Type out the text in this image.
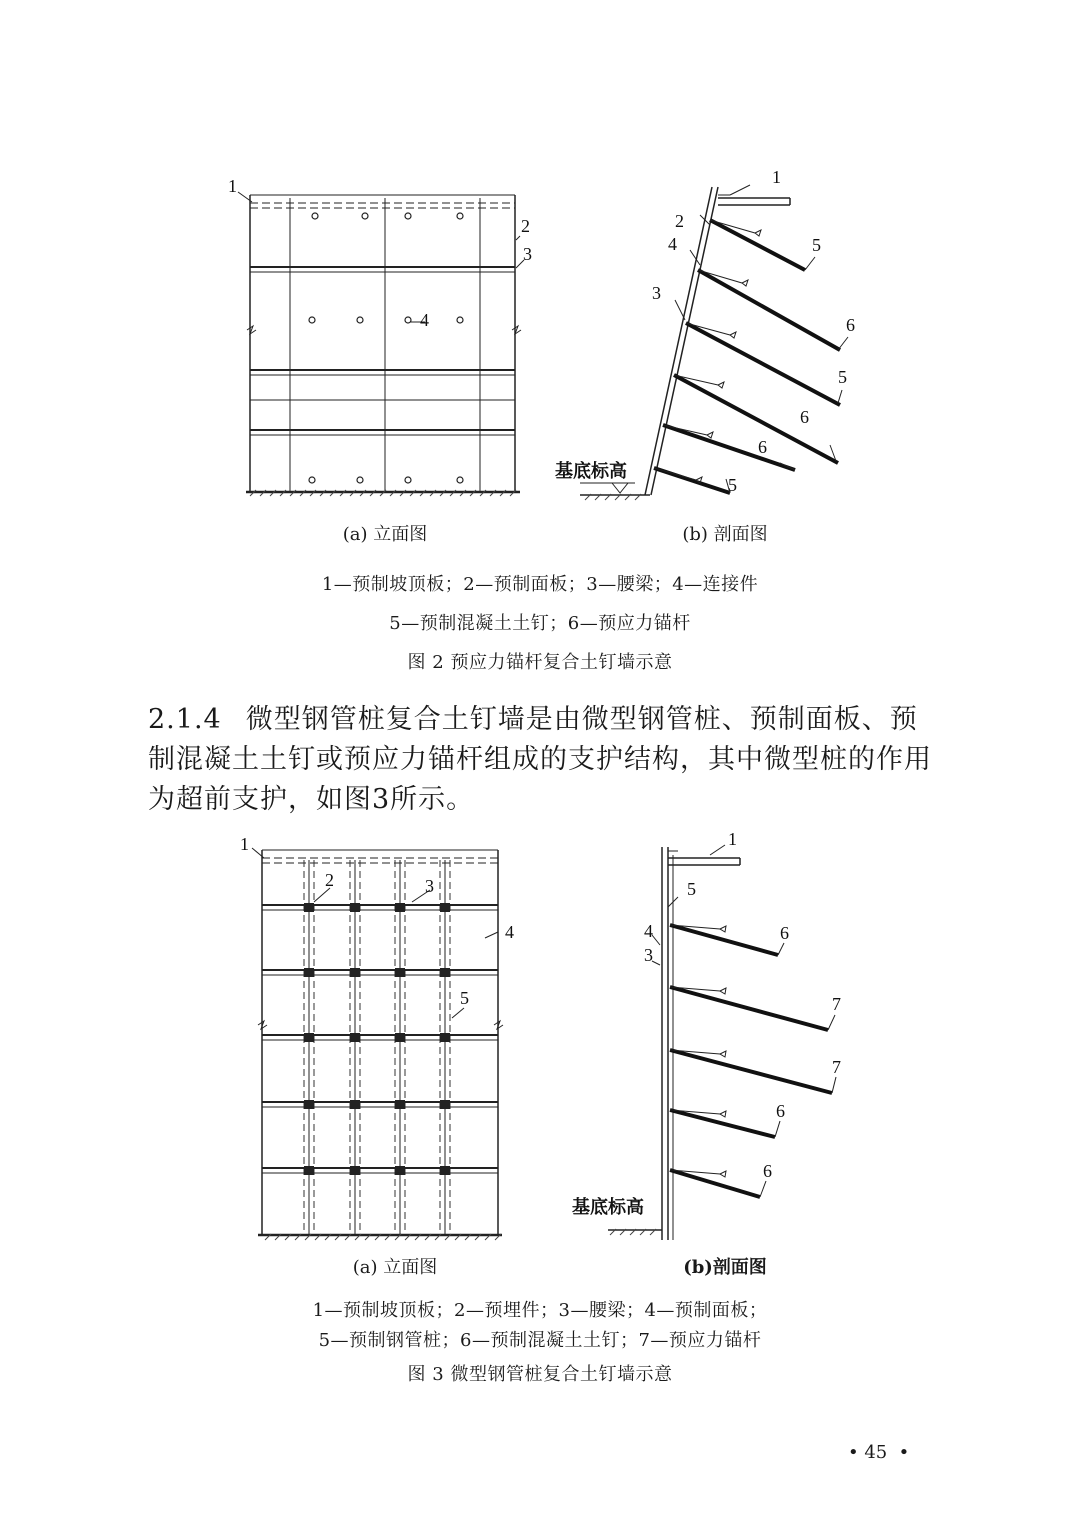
1
2
3
4
(a) 立面图
1
2
4
3
5
6
5
6
6
5
基底标高
(b) 剖面图
1—预制坡顶板；2—预制面板；3—腰梁；4—连接件
5—预制混凝土土钉；6—预应力锚杆
图 2 预应力锚杆复合土钉墙示意
2.1.4 微型钢管桩复合土钉墙是由微型钢管桩、预制面板、预
制混凝土土钉或预应力锚杆组成的支护结构，其中微型桩的作用
为超前支护，如图3所示。
1
2	3
4
5
(a) 立面图
1
5
4
3
6
7
7
6
6
基底标高
(b)剖面图
1—预制坡顶板；2—预埋件；3—腰梁；4—预制面板；
5—预制钢管桩；6—预制混凝土土钉；7—预应力锚杆
图 3 微型钢管桩复合土钉墙示意
• 45  •
